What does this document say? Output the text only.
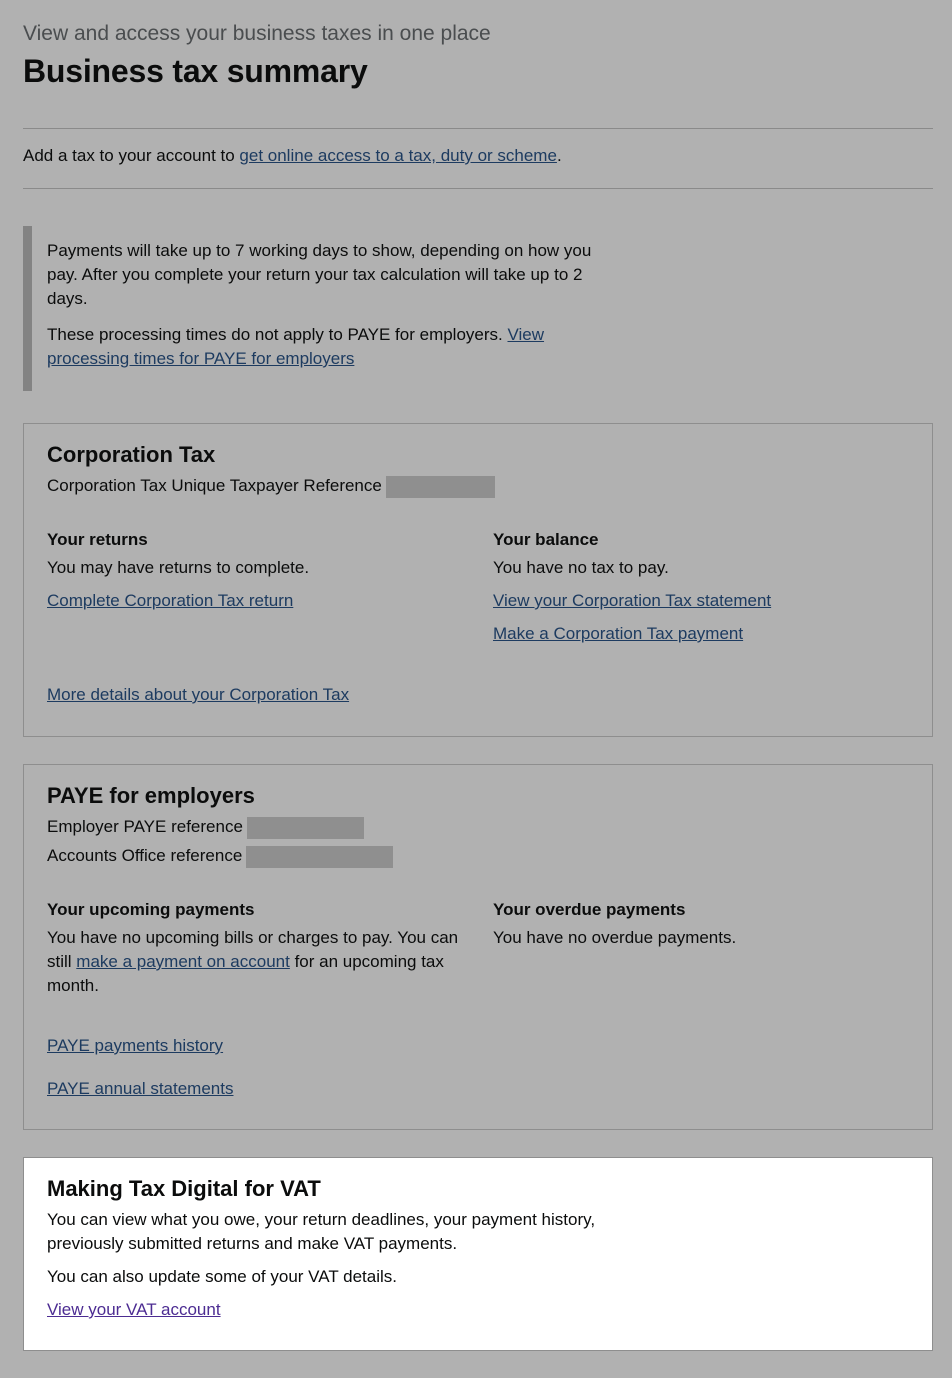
View and access your business taxes in one place
Business tax summary
Add a tax to your account to get online access to a tax, duty or scheme.

Payments will take up to 7 working days to show, depending on how you pay. After you complete your return your tax calculation will take up to 2 days.

These processing times do not apply to PAYE for employers. View processing times for PAYE for employers

Corporation Tax
Corporation Tax Unique Taxpayer Reference
Your returns
You may have returns to complete.
Complete Corporation Tax return
Your balance
You have no tax to pay.
View your Corporation Tax statement
Make a Corporation Tax payment
More details about your Corporation Tax
PAYE for employers
Employer PAYE reference
Accounts Office reference
Your upcoming payments
You have no upcoming bills or charges to pay. You can still make a payment on account for an upcoming tax month.
Your overdue payments
You have no overdue payments.
PAYE payments history
PAYE annual statements
Making Tax Digital for VAT
You can view what you owe, your return deadlines, your payment history, previously submitted returns and make VAT payments.
You can also update some of your VAT details.
View your VAT account
